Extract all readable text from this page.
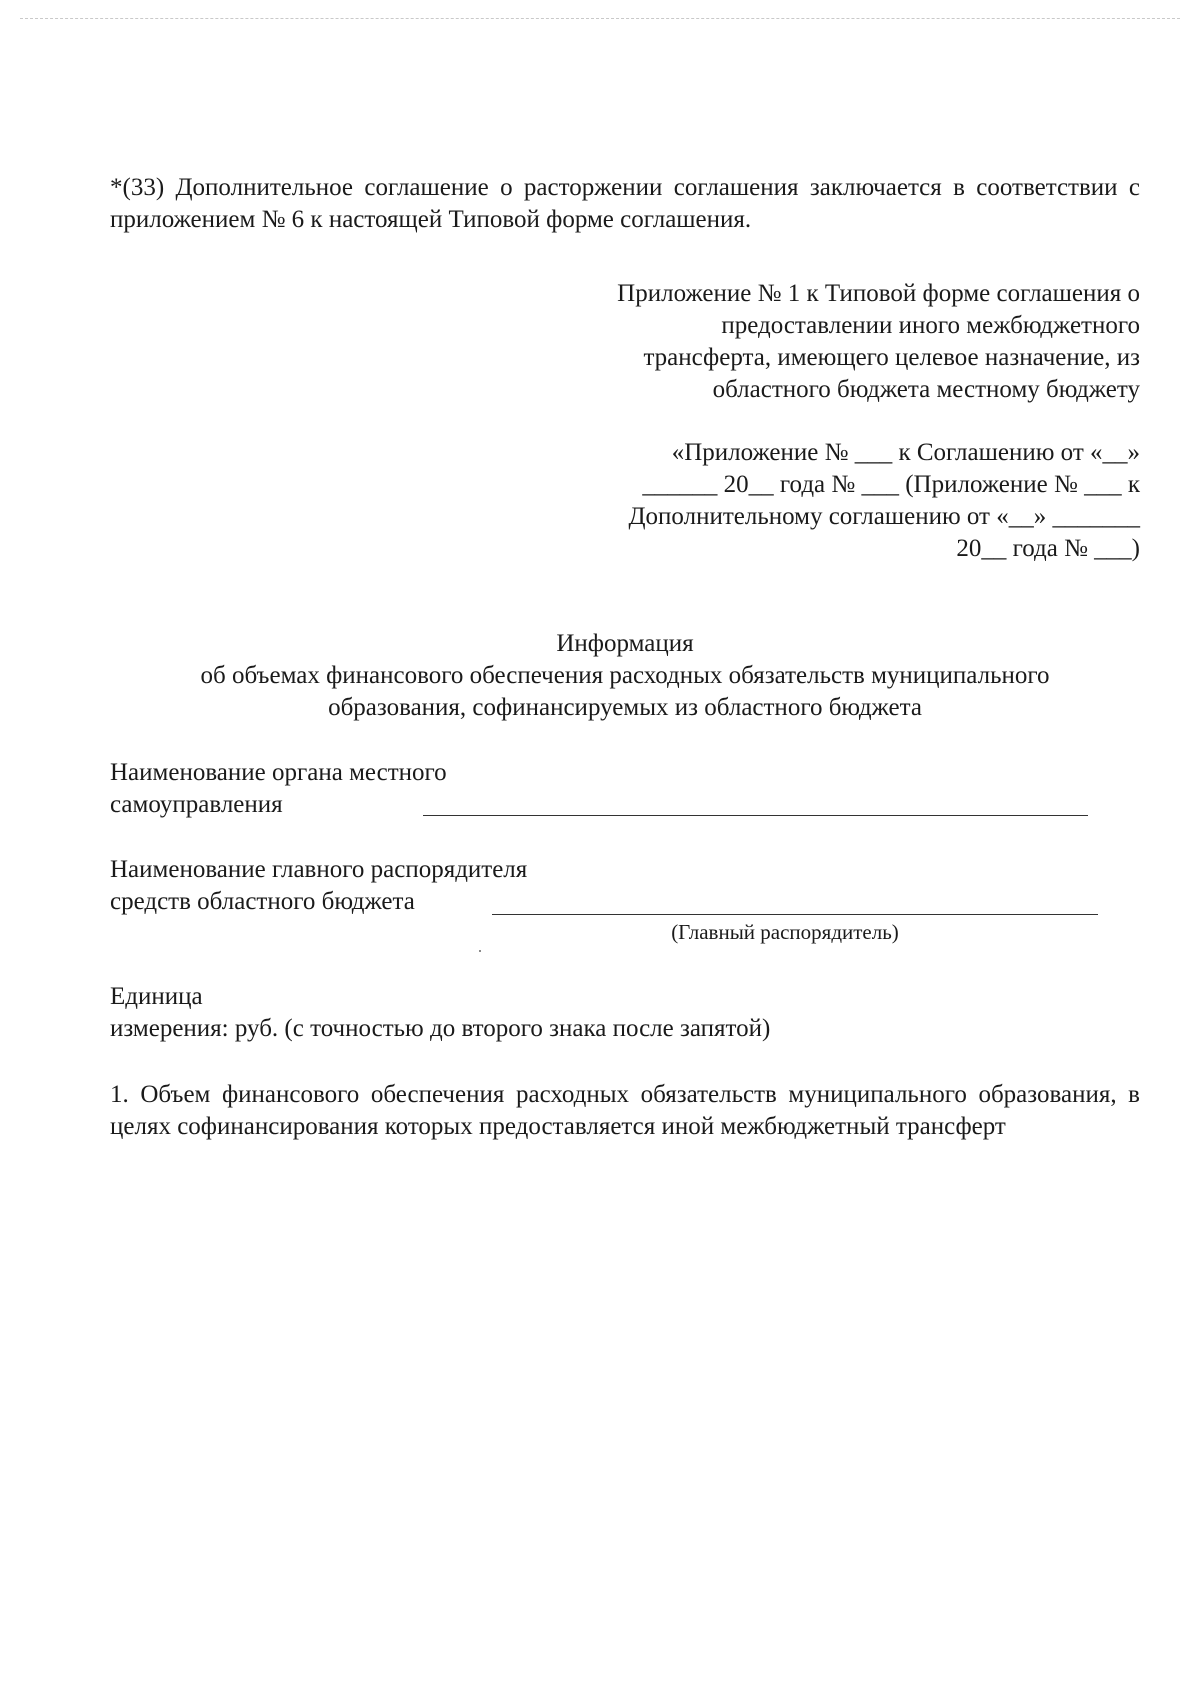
*(33) Дополнительное соглашение о расторжении соглашения заключается в соответствии с приложением № 6 к настоящей Типовой форме соглашения.
Приложение № 1 к Типовой форме соглашения о
предоставлении иного межбюджетного
трансферта, имеющего целевое назначение, из
областного бюджета местному бюджету
«Приложение № ___ к Соглашению от «__»
______ 20__ года № ___ (Приложение № ___ к
Дополнительному соглашению от «__» _______
20__ года № ___)
Информация
об объемах финансового обеспечения расходных обязательств муниципального
образования, софинансируемых из областного бюджета
Наименование органа местного
самоуправления
Наименование главного распорядителя
средств областного бюджета
(Главный распорядитель)
Единица
измерения: руб. (с точностью до второго знака после запятой)
1. Объем финансового обеспечения расходных обязательств муниципального образования, в целях софинансирования которых предоставляется иной межбюджетный трансферт
